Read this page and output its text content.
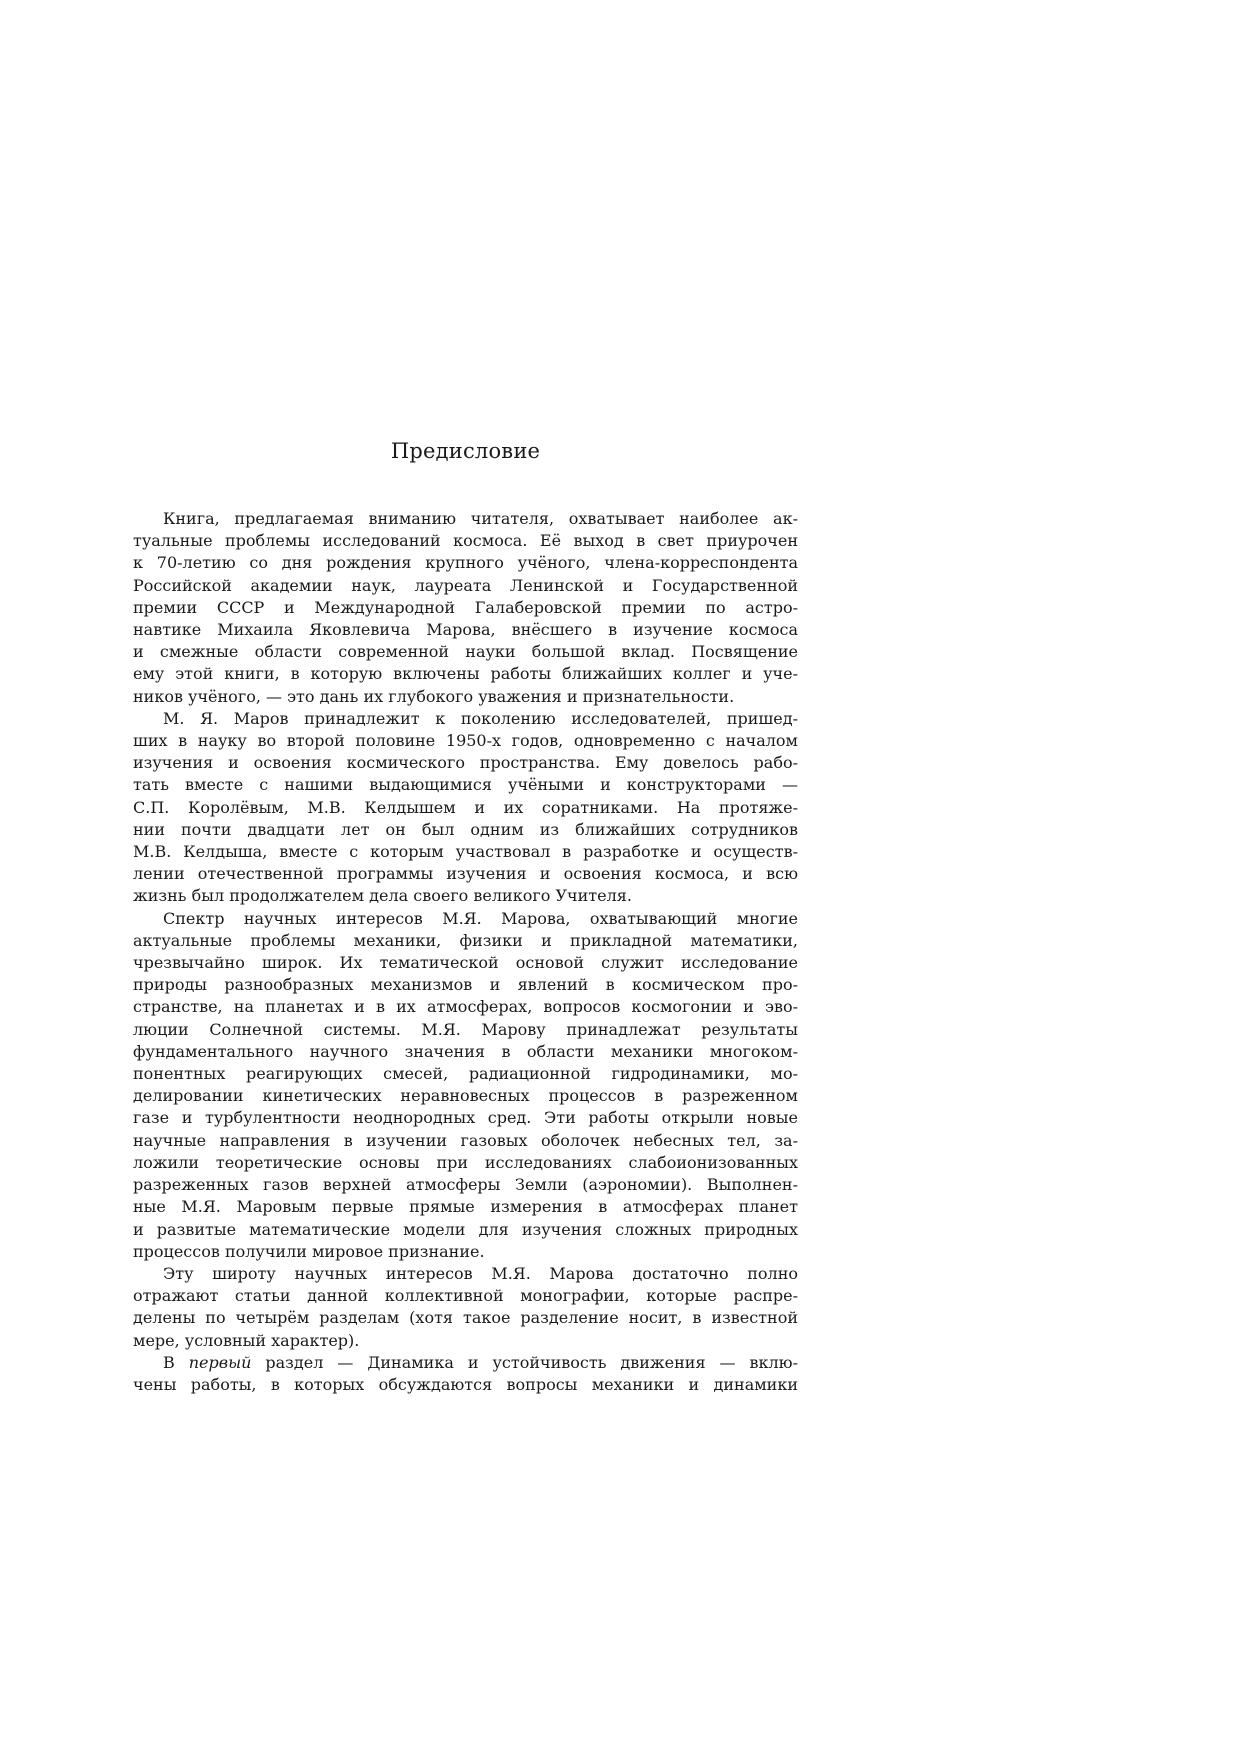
Предисловие

Книга, предлагаемая вниманию читателя, охватывает наиболее ак-
туальные проблемы исследований космоса. Её выход в свет приурочен
к 70-летию со дня рождения крупного учёного, члена-корреспондента
Российской академии наук, лауреата Ленинской и Государственной
премии СССР и Международной Галаберовской премии по астро-
навтике Михаила Яковлевича Марова, внёсшего в изучение космоса
и смежные области современной науки большой вклад. Посвящение
ему этой книги, в которую включены работы ближайших коллег и уче-
ников учёного, — это дань их глубокого уважения и признательности.

М. Я. Маров принадлежит к поколению исследователей, пришед-
ших в науку во второй половине 1950-х годов, одновременно с началом
изучения и освоения космического пространства. Ему довелось рабо-
тать вместе с нашими выдающимися учёными и конструкторами —
С.П. Королёвым, М.В. Келдышем и их соратниками. На протяже-
нии почти двадцати лет он был одним из ближайших сотрудников
М.В. Келдыша, вместе с которым участвовал в разработке и осуществ-
лении отечественной программы изучения и освоения космоса, и всю
жизнь был продолжателем дела своего великого Учителя.

Спектр научных интересов М.Я. Марова, охватывающий многие
актуальные проблемы механики, физики и прикладной математики,
чрезвычайно широк. Их тематической основой служит исследование
природы разнообразных механизмов и явлений в космическом про-
странстве, на планетах и в их атмосферах, вопросов космогонии и эво-
люции Солнечной системы. М.Я. Марову принадлежат результаты
фундаментального научного значения в области механики многоком-
понентных реагирующих смесей, радиационной гидродинамики, мо-
делировании кинетических неравновесных процессов в разреженном
газе и турбулентности неоднородных сред. Эти работы открыли новые
научные направления в изучении газовых оболочек небесных тел, за-
ложили теоретические основы при исследованиях слабоионизованных
разреженных газов верхней атмосферы Земли (аэрономии). Выполнен-
ные М.Я. Маровым первые прямые измерения в атмосферах планет
и развитые математические модели для изучения сложных природных
процессов получили мировое признание.

Эту широту научных интересов М.Я. Марова достаточно полно
отражают статьи данной коллективной монографии, которые распре-
делены по четырём разделам (хотя такое разделение носит, в известной
мере, условный характер).

В первый раздел — Динамика и устойчивость движения — вклю-
чены работы, в которых обсуждаются вопросы механики и динамики
